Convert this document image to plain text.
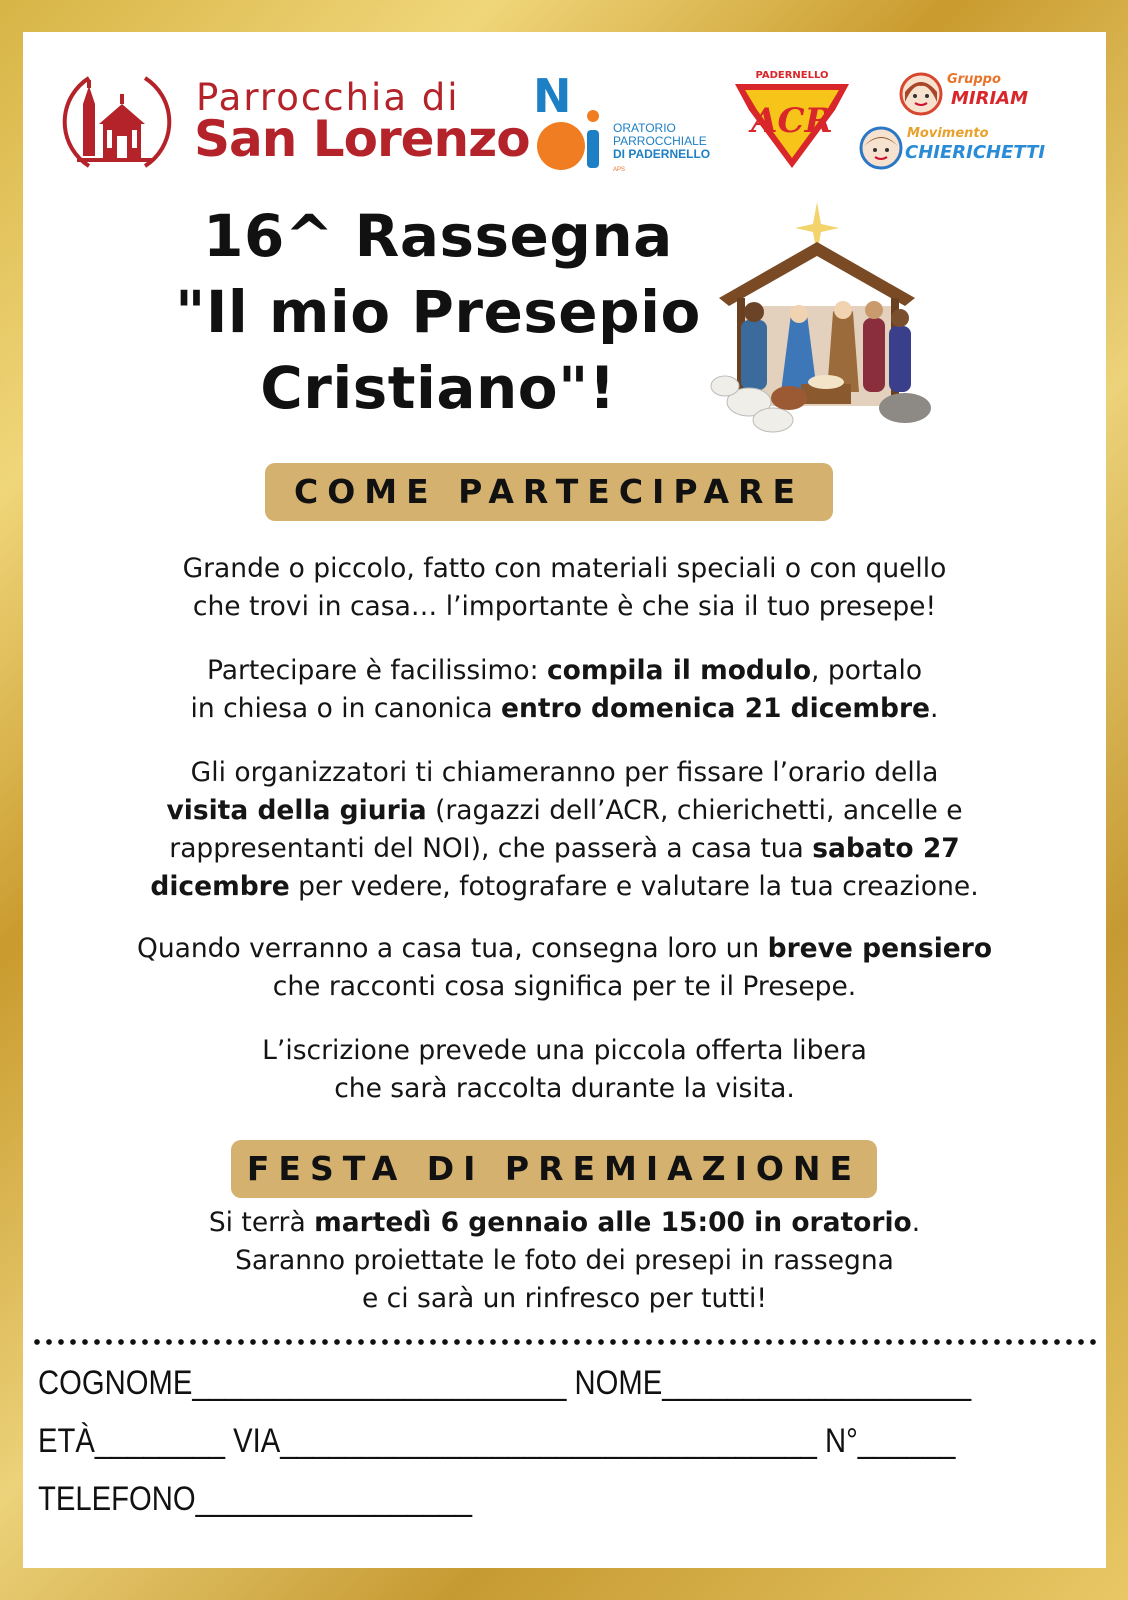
Parrocchia di
San Lorenzo
N
ORATORIO
PARROCCHIALE
DI PADERNELLO
APS
PADERNELLO
ACR
Gruppo
MIRIAM
Movimento
CHIERICHETTI
16^ Rassegna
"Il mio Presepio
Cristiano"!
COME PARTECIPARE

Grande o piccolo, fatto con materiali speciali o con quello
che trovi in casa… l’importante è che sia il tuo presepe!

Partecipare è facilissimo: compila il modulo, portalo
in chiesa o in canonica entro domenica 21 dicembre.

Gli organizzatori ti chiameranno per fissare l’orario della
visita della giuria (ragazzi dell’ACR, chierichetti, ancelle e
rappresentanti del NOI), che passerà a casa tua sabato 27
dicembre per vedere, fotografare e valutare la tua creazione.

Quando verranno a casa tua, consegna loro un breve pensiero
che racconti cosa significa per te il Presepe.

L’iscrizione prevede una piccola offerta libera
che sarà raccolta durante la visita.

FESTA DI PREMIAZIONE

Si terrà martedì 6 gennaio alle 15:00 in oratorio.
Saranno proiettate le foto dei presepi in rassegna
e ci sarà un rinfresco per tutti!

COGNOME_______________________ NOME___________________
ETÀ________ VIA_________________________________ N°______
TELEFONO_________________
